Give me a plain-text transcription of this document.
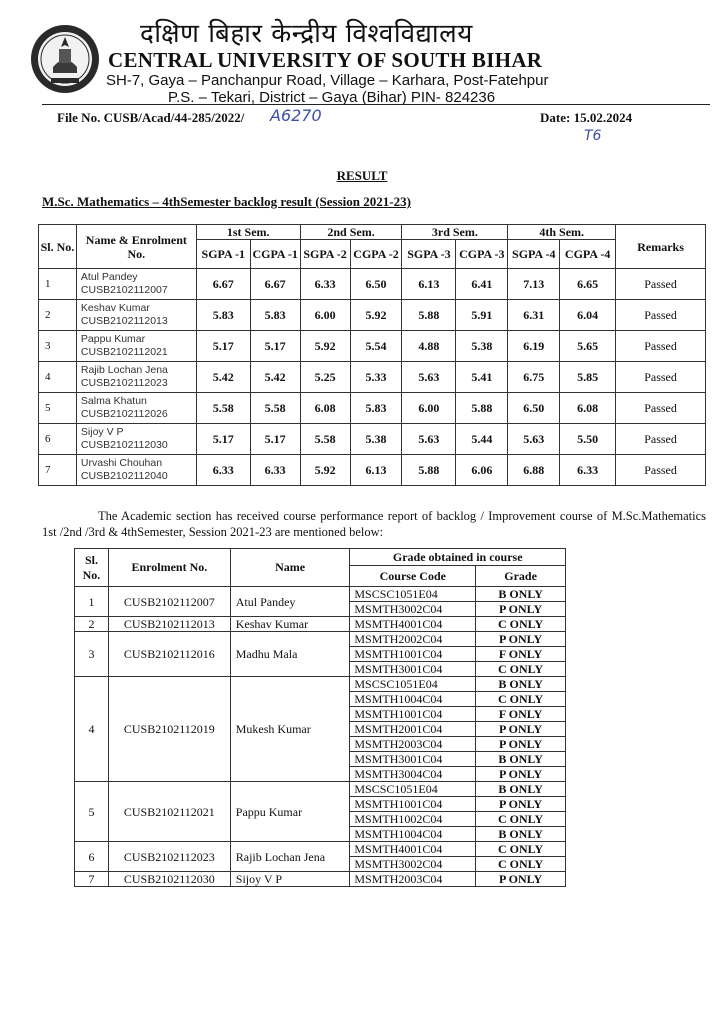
दक्षिण बिहार केन्द्रीय विश्वविद्यालय
CENTRAL UNIVERSITY OF SOUTH BIHAR
SH-7, Gaya – Panchanpur Road, Village – Karhara, Post-Fatehpur
P.S. – Tekari, District – Gaya (Bihar) PIN- 824236
File No. CUSB/Acad/44-285/2022/ A6270	Date: 15.02.2024
T6
RESULT
M.Sc. Mathematics – 4thSemester backlog result (Session 2021-23)
Sl. No.	Name & Enrolment No.	1st Sem.		2nd Sem.		3rd Sem.		4th Sem.		Remarks
		SGPA -1	CGPA -1	SGPA -2	CGPA -2	SGPA -3	CGPA -3	SGPA -4	CGPA -4	
1	Atul Pandey
CUSB2102112007	6.67	6.67	6.33	6.50	6.13	6.41	7.13	6.65	Passed
2	Keshav Kumar
CUSB2102112013	5.83	5.83	6.00	5.92	5.88	5.91	6.31	6.04	Passed
3	Pappu Kumar
CUSB2102112021	5.17	5.17	5.92	5.54	4.88	5.38	6.19	5.65	Passed
4	Rajib Lochan Jena
CUSB2102112023	5.42	5.42	5.25	5.33	5.63	5.41	6.75	5.85	Passed
5	Salma Khatun
CUSB2102112026	5.58	5.58	6.08	5.83	6.00	5.88	6.50	6.08	Passed
6	Sijoy V P
CUSB2102112030	5.17	5.17	5.58	5.38	5.63	5.44	5.63	5.50	Passed
7	Urvashi Chouhan
CUSB2102112040	6.33	6.33	5.92	6.13	5.88	6.06	6.88	6.33	Passed
The Academic section has received course performance report of backlog / Improvement course of M.Sc.Mathematics 1st /2nd /3rd & 4thSemester, Session 2021-23 are mentioned below:
Sl. No.	Enrolment No.	Name	Grade obtained in course	
			Course Code	Grade
1	CUSB2102112007	Atul Pandey	MSCSC1051E04	B ONLY
			MSMTH3002C04	P ONLY
2	CUSB2102112013	Keshav Kumar	MSMTH4001C04	C ONLY
3	CUSB2102112016	Madhu Mala	MSMTH2002C04	P ONLY
			MSMTH1001C04	F ONLY
			MSMTH3001C04	C ONLY
4	CUSB2102112019	Mukesh Kumar	MSCSC1051E04	B ONLY
			MSMTH1004C04	C ONLY
			MSMTH1001C04	F ONLY
			MSMTH2001C04	P ONLY
			MSMTH2003C04	P ONLY
			MSMTH3001C04	B ONLY
			MSMTH3004C04	P ONLY
5	CUSB2102112021	Pappu Kumar	MSCSC1051E04	B ONLY
			MSMTH1001C04	P ONLY
			MSMTH1002C04	C ONLY
			MSMTH1004C04	B ONLY
6	CUSB2102112023	Rajib Lochan Jena	MSMTH4001C04	C ONLY
			MSMTH3002C04	C ONLY
7	CUSB2102112030	Sijoy V P	MSMTH2003C04	P ONLY
